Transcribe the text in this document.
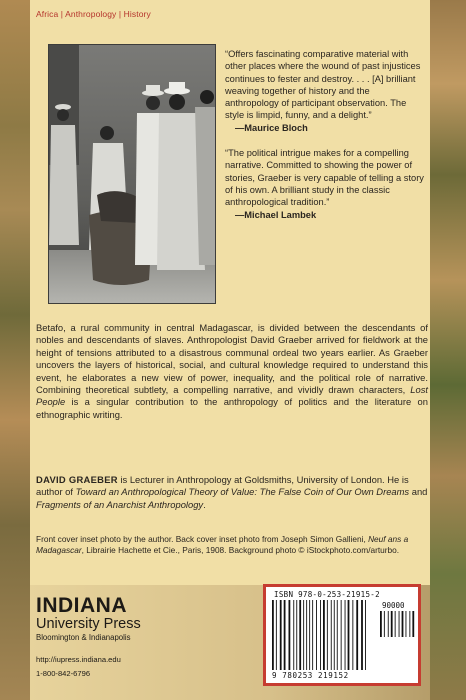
Africa | Anthropology | History

“Offers fascinating comparative material with other places where the wound of past injustices continues to fester and destroy. . . . [A] brilliant weaving together of history and the anthropology of participant observation. The style is limpid, funny, and a delight.”

—Maurice Bloch

“The political intrigue makes for a compelling narrative. Committed to showing the power of stories, Graeber is very capable of telling a story of his own. A brilliant study in the classic anthropological tradition.”

—Michael Lambek

Betafo, a rural community in central Madagascar, is divided between the descendants of nobles and descendants of slaves. Anthropologist David Graeber arrived for fieldwork at the height of tensions attributed to a disastrous communal ordeal two years earlier. As Graeber uncovers the layers of historical, social, and cultural knowledge required to understand this event, he elaborates a new view of power, inequality, and the political role of narrative. Combining theoretical subtlety, a compelling narrative, and vividly drawn characters, Lost People is a singular contribution to the anthropology of politics and the literature on ethnographic writing.

DAVID GRAEBER is Lecturer in Anthropology at Goldsmiths, University of London. He is author of Toward an Anthropological Theory of Value: The False Coin of Our Own Dreams and Fragments of an Anarchist Anthropology.

Front cover inset photo by the author. Back cover inset photo from Joseph Simon Gallieni, Neuf ans a Madagascar, Librairie Hachette et Cie., Paris, 1908. Background photo © iStockphoto.com/arturbo.

INDIANA
University Press
Bloomington & Indianapolis
http://iupress.indiana.edu
1-800-842-6796
ISBN 978-0-253-21915-2
90000
9 780253 219152
